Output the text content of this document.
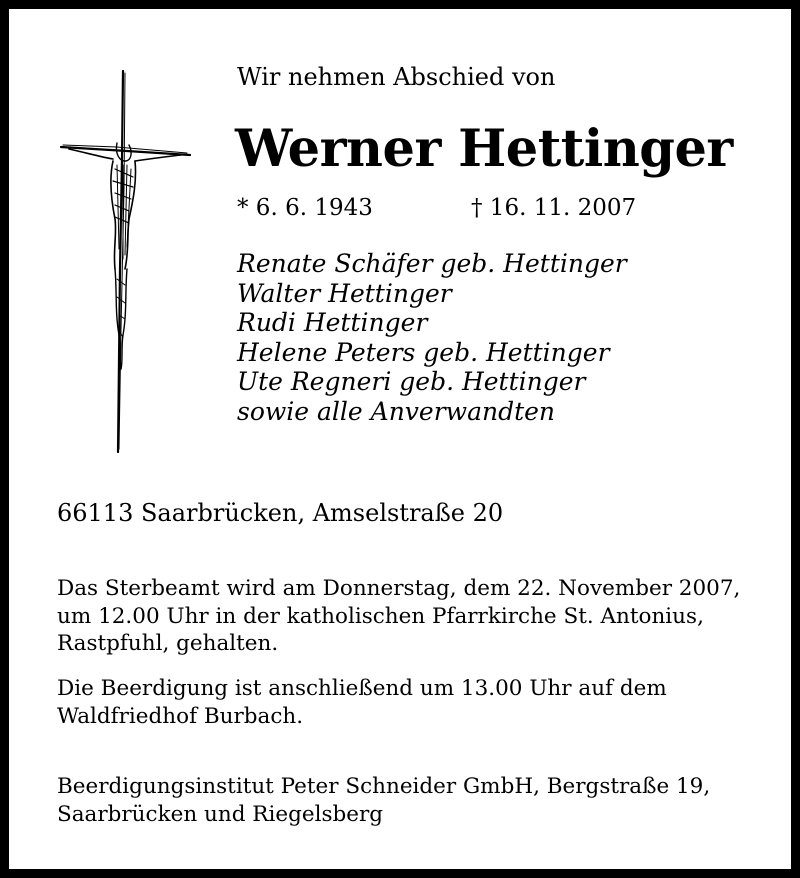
Wir nehmen Abschied von
Werner Hettinger
* 6. 6. 1943	† 16. 11. 2007
Renate Schäfer geb. Hettinger
Walter Hettinger
Rudi Hettinger
Helene Peters geb. Hettinger
Ute Regneri geb. Hettinger
sowie alle Anverwandten
66113 Saarbrücken, Amselstraße 20
Das Sterbeamt wird am Donnerstag, dem 22. November 2007,
um 12.00 Uhr in der katholischen Pfarrkirche St. Antonius,
Rastpfuhl, gehalten.
Die Beerdigung ist anschließend um 13.00 Uhr auf dem
Waldfriedhof Burbach.
Beerdigungsinstitut Peter Schneider GmbH, Bergstraße 19,
Saarbrücken und Riegelsberg
